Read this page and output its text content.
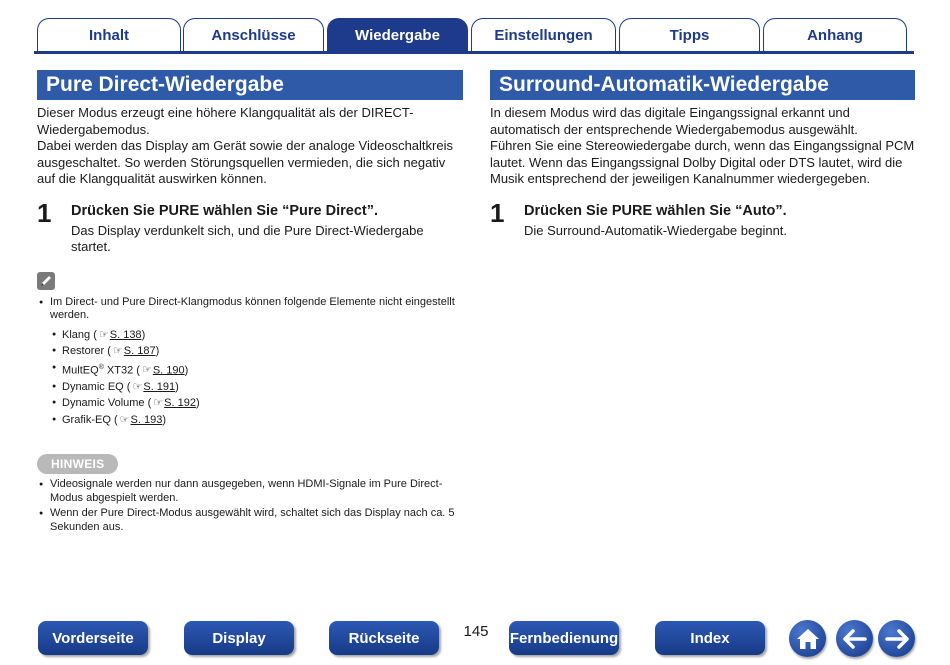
Inhalt	Anschlüsse	Wiedergabe	Einstellungen	Tipps	Anhang
Pure Direct-Wiedergabe

Dieser Modus erzeugt eine höhere Klangqualität als der DIRECT-Wiedergabemodus.

Dabei werden das Display am Gerät sowie der analoge Videoschaltkreis ausgeschaltet. So werden Störungsquellen vermieden, die sich negativ auf die Klangqualität auswirken können.

1 Drücken Sie PURE wählen Sie “Pure Direct”.
Das Display verdunkelt sich, und die Pure Direct-Wiedergabe startet.
● Im Direct- und Pure Direct-Klangmodus können folgende Elemente nicht eingestellt werden.
● Klang ( ☞S. 138)
● Restorer ( ☞S. 187)
● MultEQ® XT32 ( ☞S. 190)
● Dynamic EQ ( ☞S. 191)
● Dynamic Volume ( ☞S. 192)
● Grafik-EQ ( ☞S. 193)
HINWEIS
● Videosignale werden nur dann ausgegeben, wenn HDMI-Signale im Pure Direct-Modus abgespielt werden.
● Wenn der Pure Direct-Modus ausgewählt wird, schaltet sich das Display nach ca. 5 Sekunden aus.
Surround-Automatik-Wiedergabe

In diesem Modus wird das digitale Eingangssignal erkannt und automatisch der entsprechende Wiedergabemodus ausgewählt.

Führen Sie eine Stereowiedergabe durch, wenn das Eingangssignal PCM lautet. Wenn das Eingangssignal Dolby Digital oder DTS lautet, wird die Musik entsprechend der jeweiligen Kanalnummer wiedergegeben.

1 Drücken Sie PURE wählen Sie “Auto”.
Die Surround-Automatik-Wiedergabe beginnt.
Vorderseite	Display	Rückseite	145	Fernbedienung	Index
